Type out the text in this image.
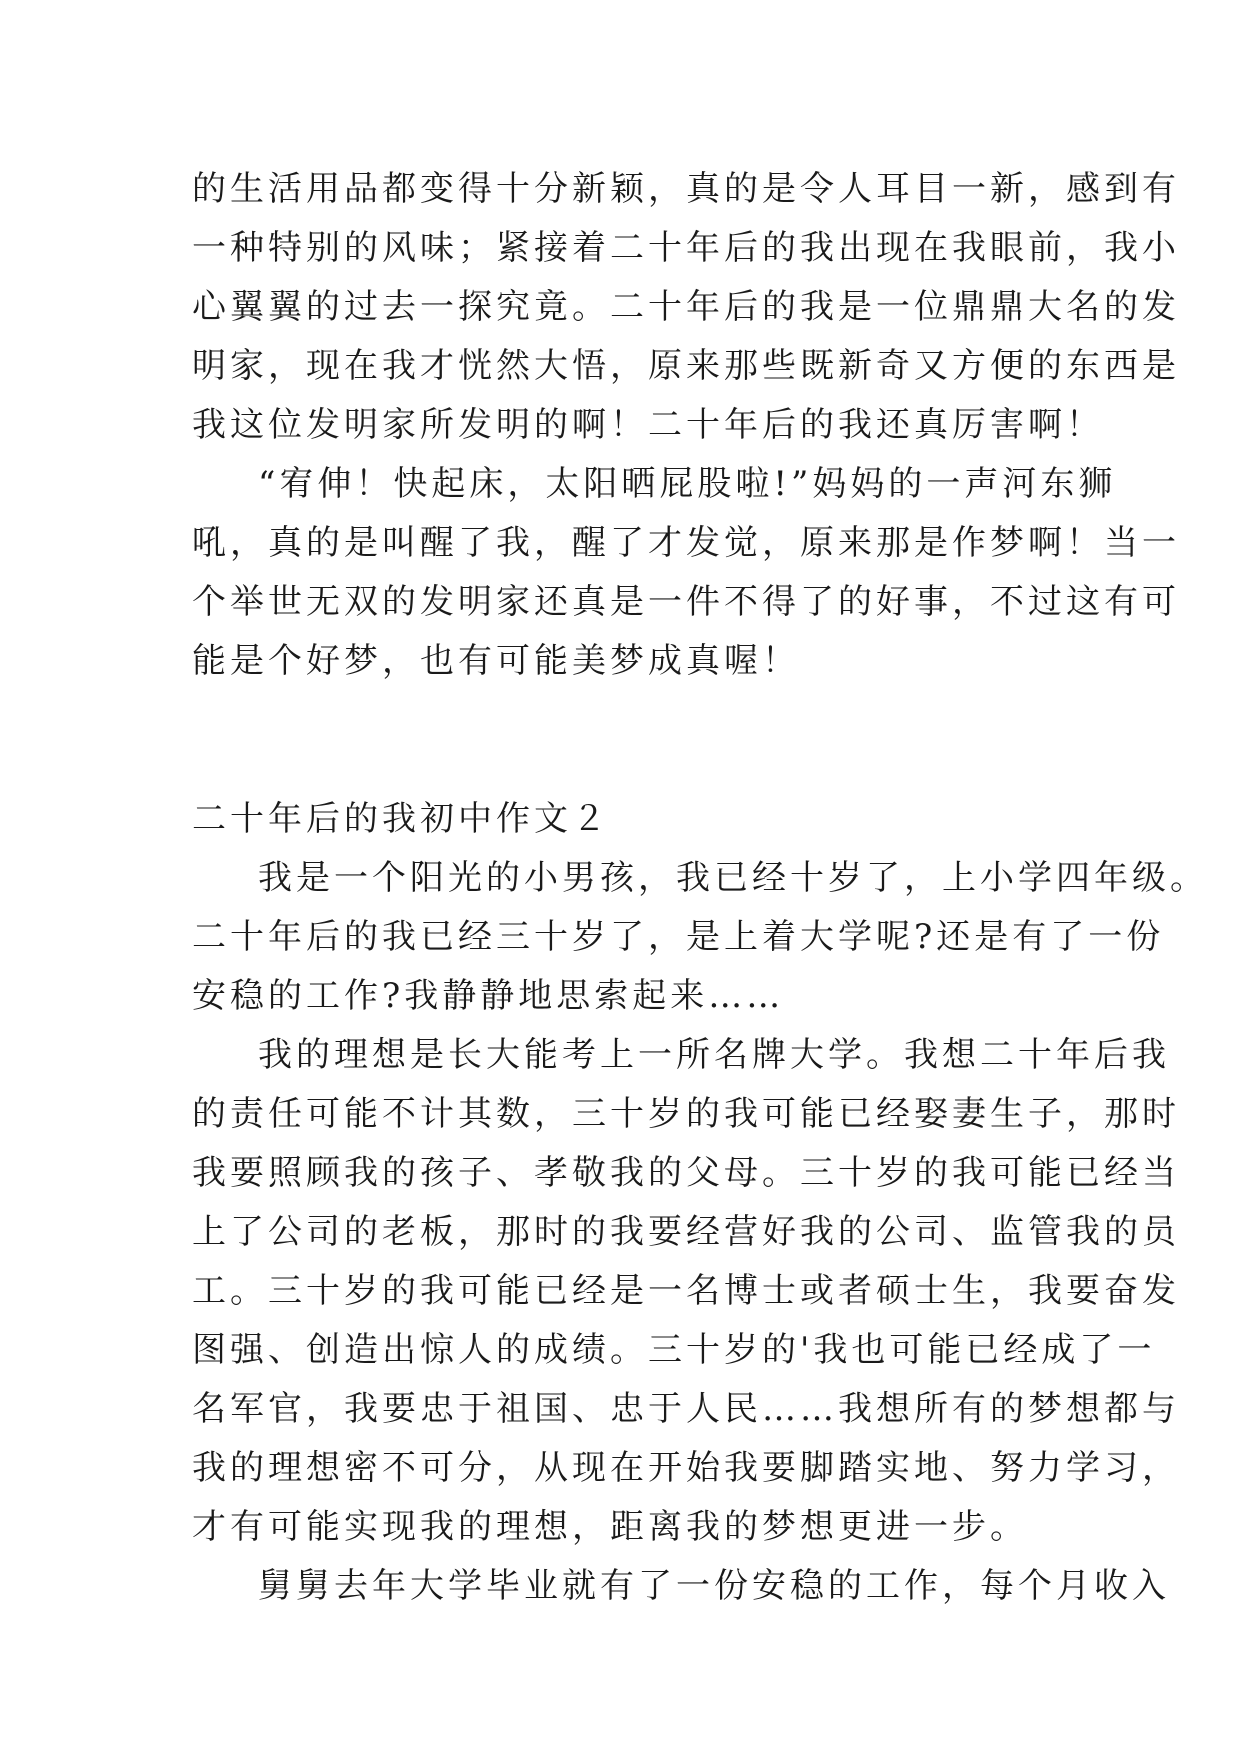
的生活用品都变得十分新颖，真的是令人耳目一新，感到有
一种特别的风味；紧接着二十年后的我出现在我眼前，我小
心翼翼的过去一探究竟。二十年后的我是一位鼎鼎大名的发
明家，现在我才恍然大悟，原来那些既新奇又方便的东西是
我这位发明家所发明的啊！二十年后的我还真厉害啊！
“宥伸！快起床，太阳晒屁股啦!”妈妈的一声河东狮
吼，真的是叫醒了我，醒了才发觉，原来那是作梦啊！当一
个举世无双的发明家还真是一件不得了的好事，不过这有可
能是个好梦，也有可能美梦成真喔！
二十年后的我初中作文２
我是一个阳光的小男孩，我已经十岁了，上小学四年级。
二十年后的我已经三十岁了，是上着大学呢?还是有了一份
安稳的工作?我静静地思索起来……
我的理想是长大能考上一所名牌大学。我想二十年后我
的责任可能不计其数，三十岁的我可能已经娶妻生子，那时
我要照顾我的孩子、孝敬我的父母。三十岁的我可能已经当
上了公司的老板，那时的我要经营好我的公司、监管我的员
工。三十岁的我可能已经是一名博士或者硕士生，我要奋发
图强、创造出惊人的成绩。三十岁的'我也可能已经成了一
名军官，我要忠于祖国、忠于人民……我想所有的梦想都与
我的理想密不可分，从现在开始我要脚踏实地、努力学习，
才有可能实现我的理想，距离我的梦想更进一步。
舅舅去年大学毕业就有了一份安稳的工作，每个月收入
